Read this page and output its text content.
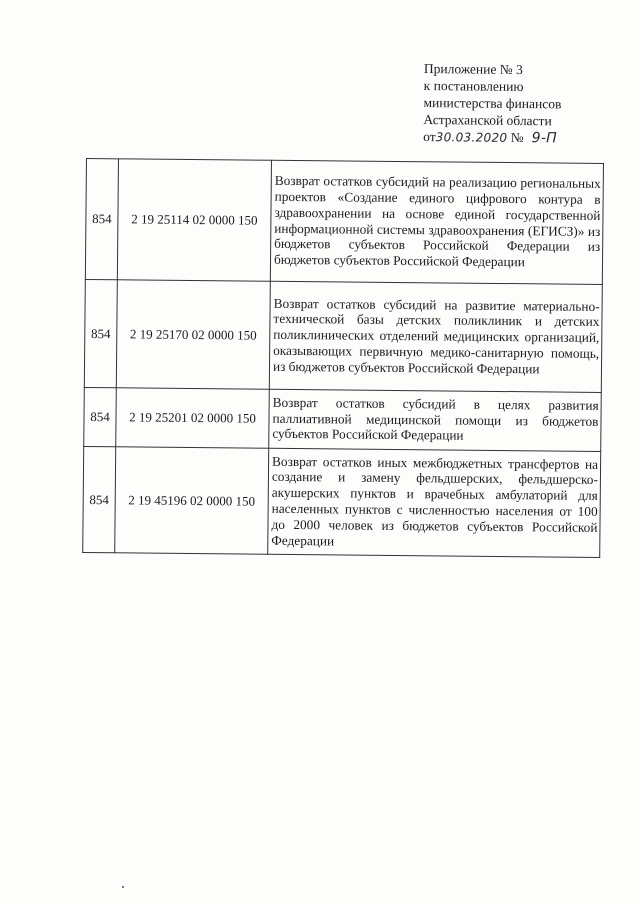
Приложение № 3
к постановлению
министерства финансов
Астраханской области
от30.03.2020 № 9-П
854	2 19 25114 02 0000 150	Возврат остатков субсидий на реализацию региональных проектов «Создание единого цифрового контура в здравоохранении на основе единой государственной информационной системы здравоохранения (ЕГИСЗ)» из бюджетов субъектов Российской Федерации из бюджетов субъектов Российской Федерации
854	2 19 25170 02 0000 150	Возврат остатков субсидий на развитие материально-технической базы детских поликлиник и детских поликлинических отделений медицинских организаций, оказывающих первичную медико-санитарную помощь, из бюджетов субъектов Российской Федерации
854	2 19 25201 02 0000 150	Возврат остатков субсидий в целях развития паллиативной медицинской помощи из бюджетов субъектов Российской Федерации
854	2 19 45196 02 0000 150	Возврат остатков иных межбюджетных трансфертов на создание и замену фельдшерских, фельдшерско-акушерских пунктов и врачебных амбулаторий для населенных пунктов с численностью населения от 100 до 2000 человек из бюджетов субъектов Российской Федерации
